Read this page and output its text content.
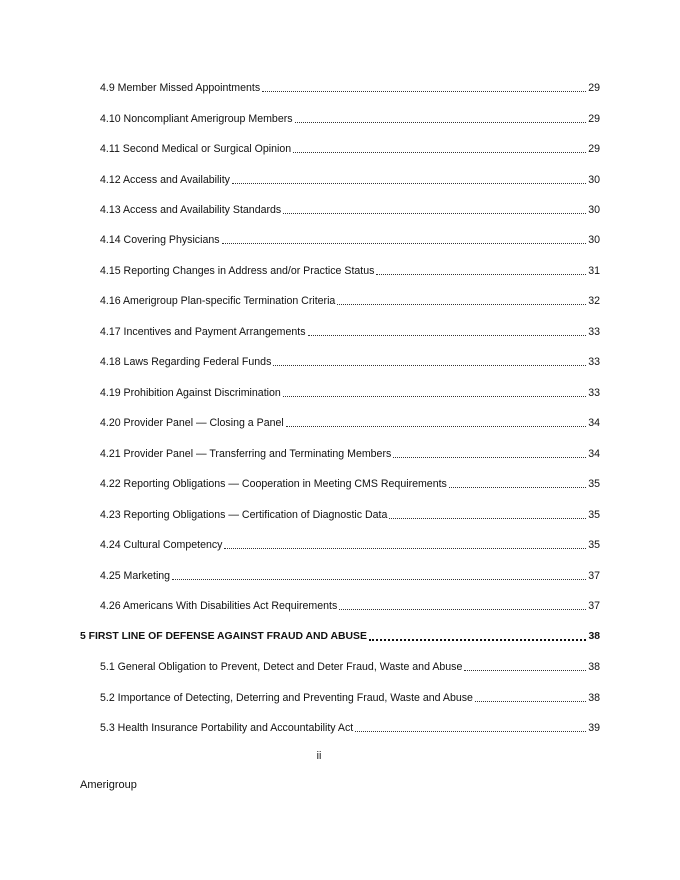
4.9 Member Missed Appointments	29
4.10 Noncompliant Amerigroup Members	29
4.11 Second Medical or Surgical Opinion	29
4.12 Access and Availability	30
4.13 Access and Availability Standards	30
4.14 Covering Physicians	30
4.15 Reporting Changes in Address and/or Practice Status	31
4.16 Amerigroup Plan-specific Termination Criteria	32
4.17 Incentives and Payment Arrangements	33
4.18 Laws Regarding Federal Funds	33
4.19 Prohibition Against Discrimination	33
4.20 Provider Panel — Closing a Panel	34
4.21 Provider Panel — Transferring and Terminating Members	34
4.22 Reporting Obligations — Cooperation in Meeting CMS Requirements	35
4.23 Reporting Obligations — Certification of Diagnostic Data	35
4.24 Cultural Competency	35
4.25 Marketing	37
4.26 Americans With Disabilities Act Requirements	37
5 FIRST LINE OF DEFENSE AGAINST FRAUD AND ABUSE	38
5.1 General Obligation to Prevent, Detect and Deter Fraud, Waste and Abuse	38
5.2 Importance of Detecting, Deterring and Preventing Fraud, Waste and Abuse	38
5.3 Health Insurance Portability and Accountability Act	39
ii
Amerigroup
